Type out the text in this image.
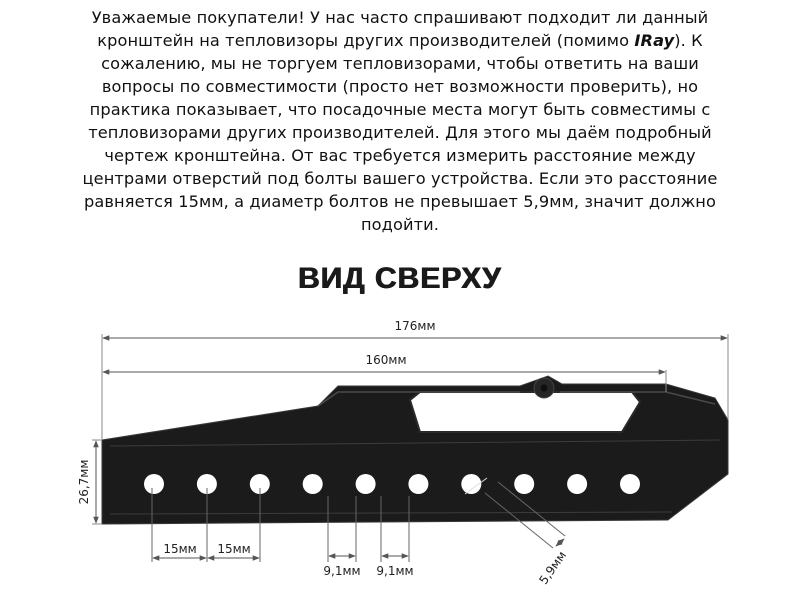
Уважаемые покупатели! У нас часто спрашивают подходит ли данный

кронштейн на тепловизоры других производителей (помимо IRay). К

сожалению, мы не торгуем тепловизорами, чтобы ответить на ваши

вопросы по совместимости (просто нет возможности проверить), но

практика показывает, что посадочные места могут быть совместимы с

тепловизорами других производителей. Для этого мы даём подробный

чертеж кронштейна. От вас требуется измерить расстояние между

центрами отверстий под болты вашего устройства. Если это расстояние

равняется 15мм, а диаметр болтов не превышает 5,9мм, значит должно

подойти.

ВИД СВЕРХУ
176мм
160мм
26,7мм
15мм 15мм
9,1мм 9,1мм	5,9мм
